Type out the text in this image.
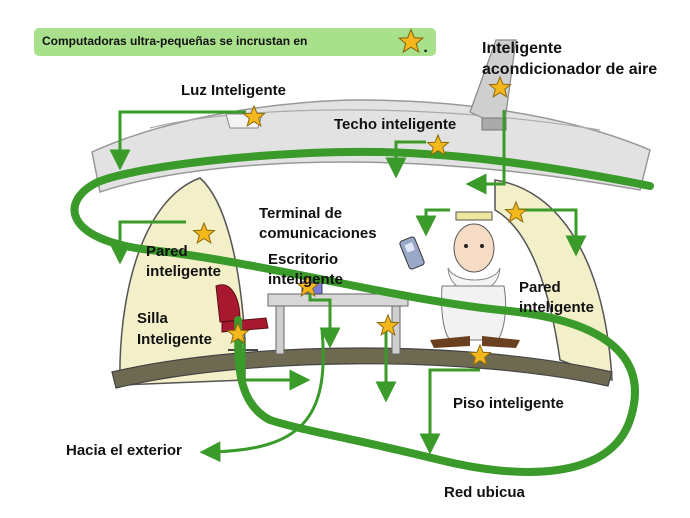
Computadoras ultra-pequeñas se incrustan en	.
Luz Inteligente
Inteligente
acondicionador de aire
Techo inteligente
Terminal de
comunicaciones
Escritorio
inteligente
Pared
inteligente
Pared
inteligente
Silla
Inteligente
Piso inteligente
Hacia el exterior
Red ubicua
